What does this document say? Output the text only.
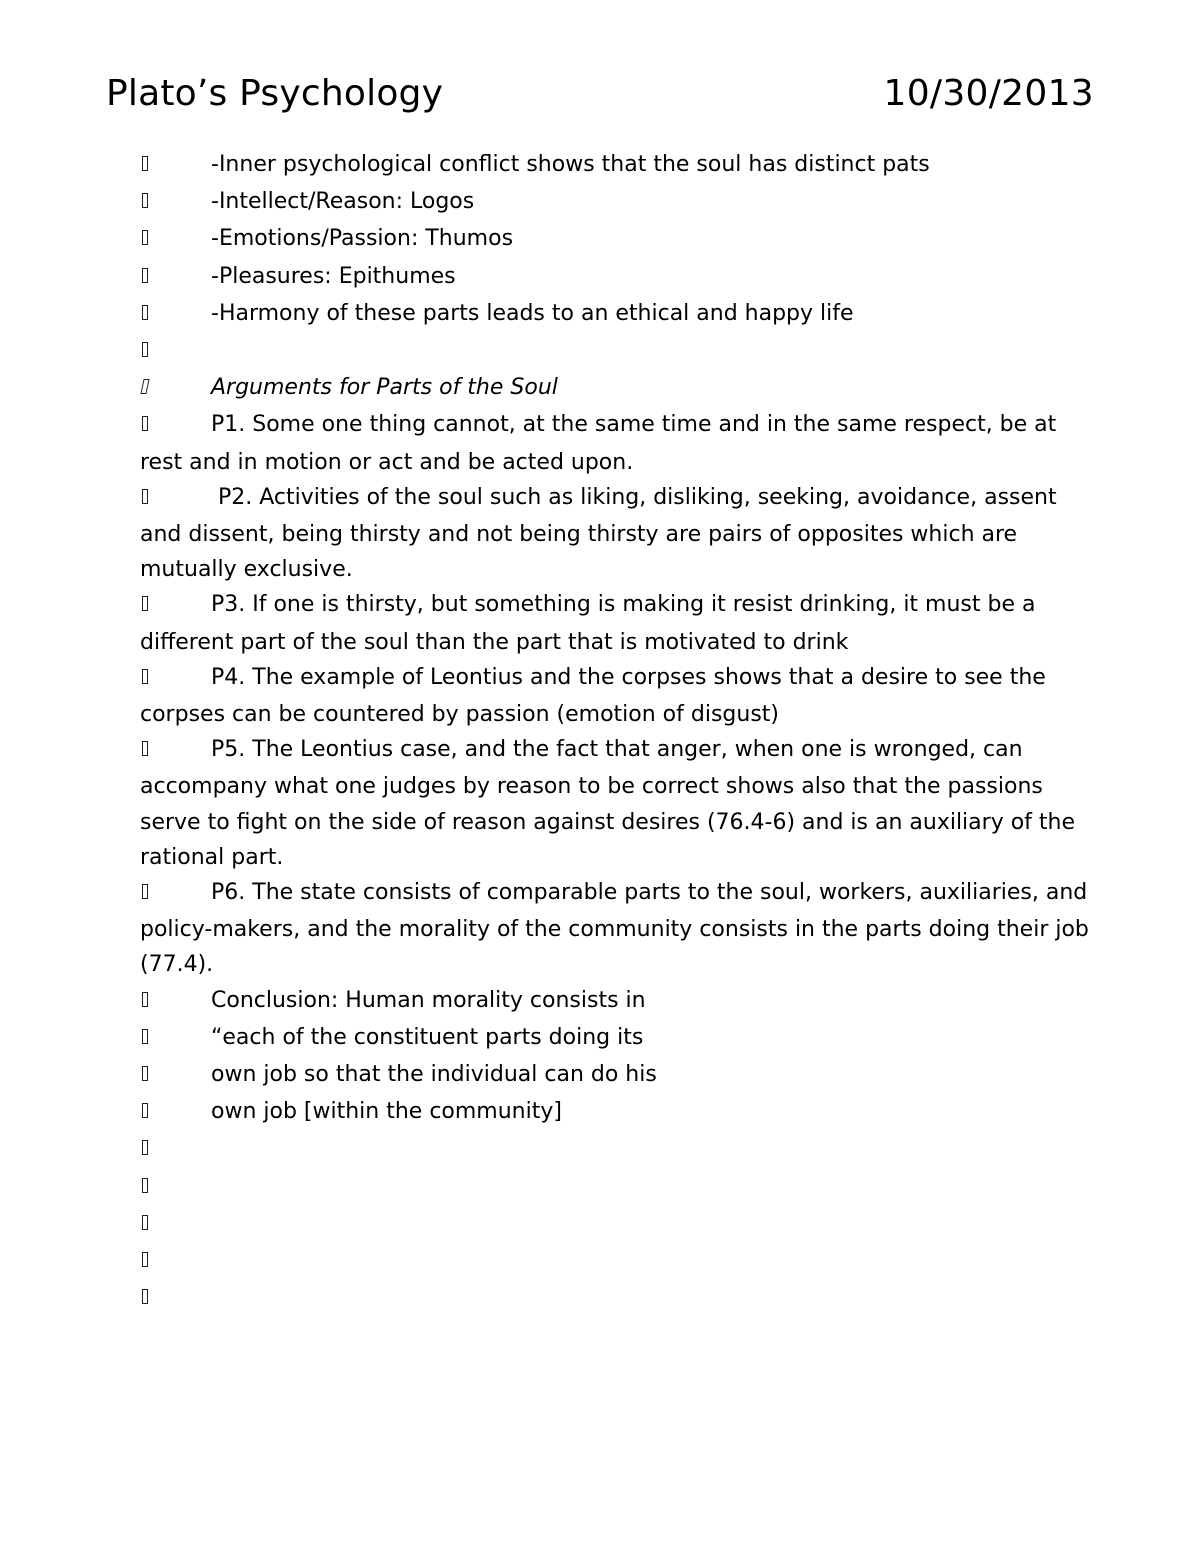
Plato’s Psychology	10/30/2013
-Inner psychological conflict shows that the soul has distinct pats
-Intellect/Reason: Logos
-Emotions/Passion: Thumos
-Pleasures: Epithumes
-Harmony of these parts leads to an ethical and happy life
Arguments for Parts of the Soul
P1. Some one thing cannot, at the same time and in the same respect, be at rest and in motion or act and be acted upon.
P2. Activities of the soul such as liking, disliking, seeking, avoidance, assent and dissent, being thirsty and not being thirsty are pairs of opposites which are mutually exclusive.
P3. If one is thirsty, but something is making it resist drinking, it must be a different part of the soul than the part that is motivated to drink
P4. The example of Leontius and the corpses shows that a desire to see the corpses can be countered by passion (emotion of disgust)
P5. The Leontius case, and the fact that anger, when one is wronged, can accompany what one judges by reason to be correct shows also that the passions serve to fight on the side of reason against desires (76.4-6) and is an auxiliary of the rational part.
P6. The state consists of comparable parts to the soul, workers, auxiliaries, and policy-makers, and the morality of the community consists in the parts doing their job (77.4).
Conclusion: Human morality consists in
“each of the constituent parts doing its
own job so that the individual can do his
own job [within the community]
